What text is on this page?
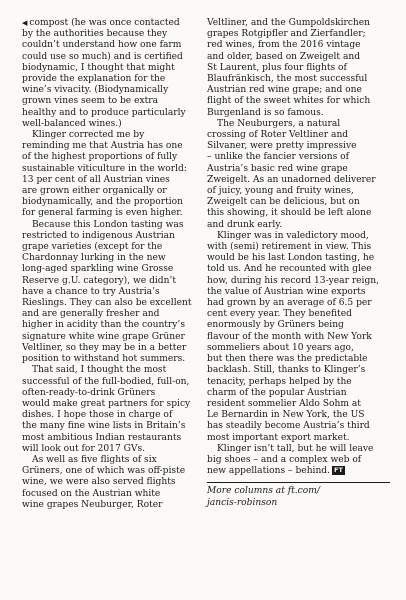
◀ compost (he was once contacted
by the authorities because they
couldn’t understand how one farm
could use so much) and is certified
biodynamic, I thought that might
provide the explanation for the
wine’s vivacity. (Biodynamically
grown vines seem to be extra
healthy and to produce particularly
well-balanced wines.)
Klinger corrected me by
reminding me that Austria has one
of the highest proportions of fully
sustainable viticulture in the world:
13 per cent of all Austrian vines
are grown either organically or
biodynamically, and the proportion
for general farming is even higher.
Because this London tasting was
restricted to indigenous Austrian
grape varieties (except for the
Chardonnay lurking in the new
long-aged sparkling wine Grosse
Reserve g.U. category), we didn’t
have a chance to try Austria’s
Rieslings. They can also be excellent
and are generally fresher and
higher in acidity than the country’s
signature white wine grape Grüner
Veltliner, so they may be in a better
position to withstand hot summers.
That said, I thought the most
successful of the full-bodied, full-on,
often-ready-to-drink Grüners
would make great partners for spicy
dishes. I hope those in charge of
the many fine wine lists in Britain’s
most ambitious Indian restaurants
will look out for 2017 GVs.
As well as five flights of six
Grüners, one of which was off-piste
wine, we were also served flights
focused on the Austrian white
wine grapes Neuburger, Roter
Veltliner, and the Gumpoldskirchen
grapes Rotgipfler and Zierfandler;
red wines, from the 2016 vintage
and older, based on Zweigelt and
St Laurent, plus four flights of
Blaufränkisch, the most successful
Austrian red wine grape; and one
flight of the sweet whites for which
Burgenland is so famous.
The Neuburgers, a natural
crossing of Roter Veltliner and
Silvaner, were pretty impressive
– unlike the fancier versions of
Austria’s basic red wine grape
Zweigelt. As an unadorned deliverer
of juicy, young and fruity wines,
Zweigelt can be delicious, but on
this showing, it should be left alone
and drunk early.
Klinger was in valedictory mood,
with (semi) retirement in view. This
would be his last London tasting, he
told us. And he recounted with glee
how, during his record 13-year reign,
the value of Austrian wine exports
had grown by an average of 6.5 per
cent every year. They benefited
enormously by Grüners being
flavour of the month with New York
sommeliers about 10 years ago,
but then there was the predictable
backlash. Still, thanks to Klinger’s
tenacity, perhaps helped by the
charm of the popular Austrian
resident sommelier Aldo Sohm at
Le Bernardin in New York, the US
has steadily become Austria’s third
most important export market.
Klinger isn’t tall, but he will leave
big shoes – and a complex web of
new appellations – behind. FT
More columns at ft.com/
jancis-robinson
